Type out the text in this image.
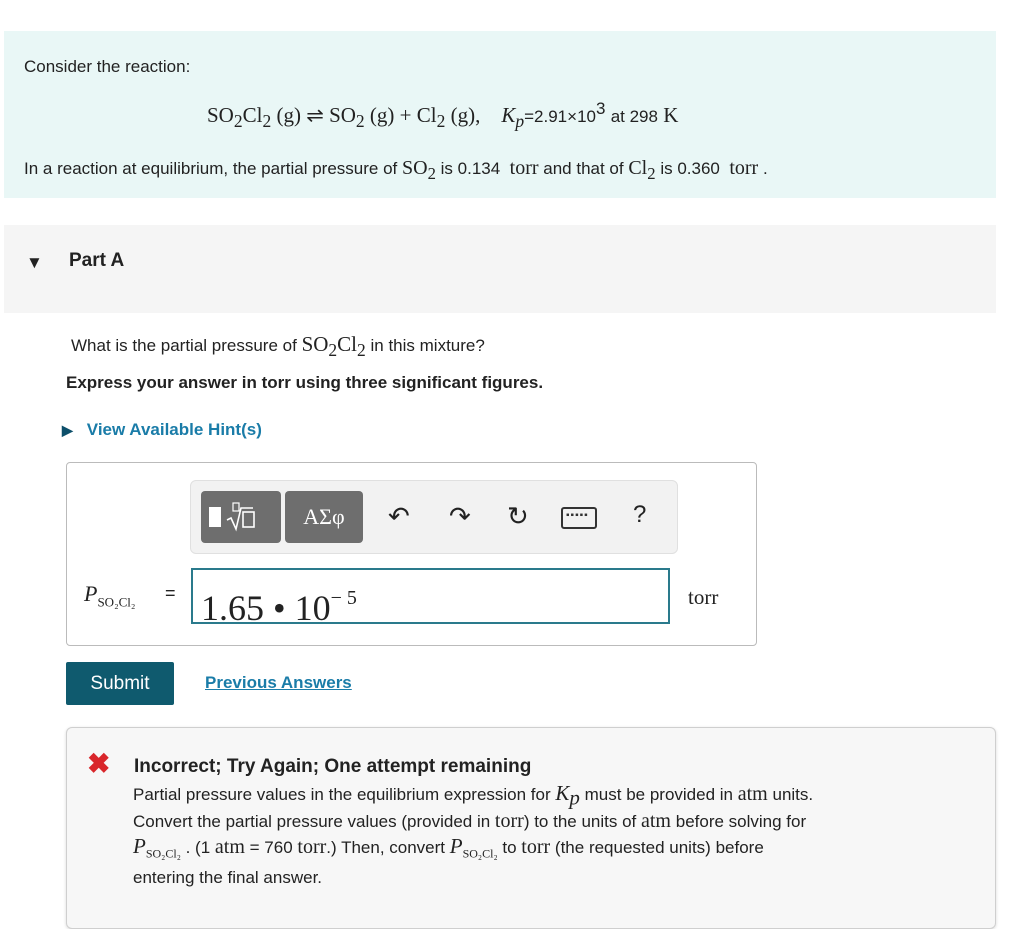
Consider the reaction:
$SO_2Cl_2$ (g) ⇌ $SO_2$ $(g) + Cl_2$ (g), $K_p=2.91\times 10^3$ at 298 K
In a reaction at equilibrium, the partial pressure of $SO_2$ is 0.134 torr and that of $Cl_2$ is 0.360 torr .
▼ Part A
What is the partial pressure of $SO_2Cl_2$ in this mixture?
Express your answer in torr using three significant figures.
▶ View Available Hint(s)
ΑΣφ	↶ ↷ ↻	▪▪▪▪▪ ?
$P_{SO_2Cl_2} = 1.65$ • $10^{- 5}$	torr
Submit	Previous Answers
✖ Incorrect; Try Again; One attempt remaining
Partial pressure values in the equilibrium expression for $K_p$ must be provided in atm units.
Convert the partial pressure values (provided in torr) to the units of atm before solving for
$P_{SO_2Cl_2}$ . (1 atm = 760 torr.) Then, convert $P_{SO_2Cl_2}$ to torr (the requested units) before
entering the final answer.
